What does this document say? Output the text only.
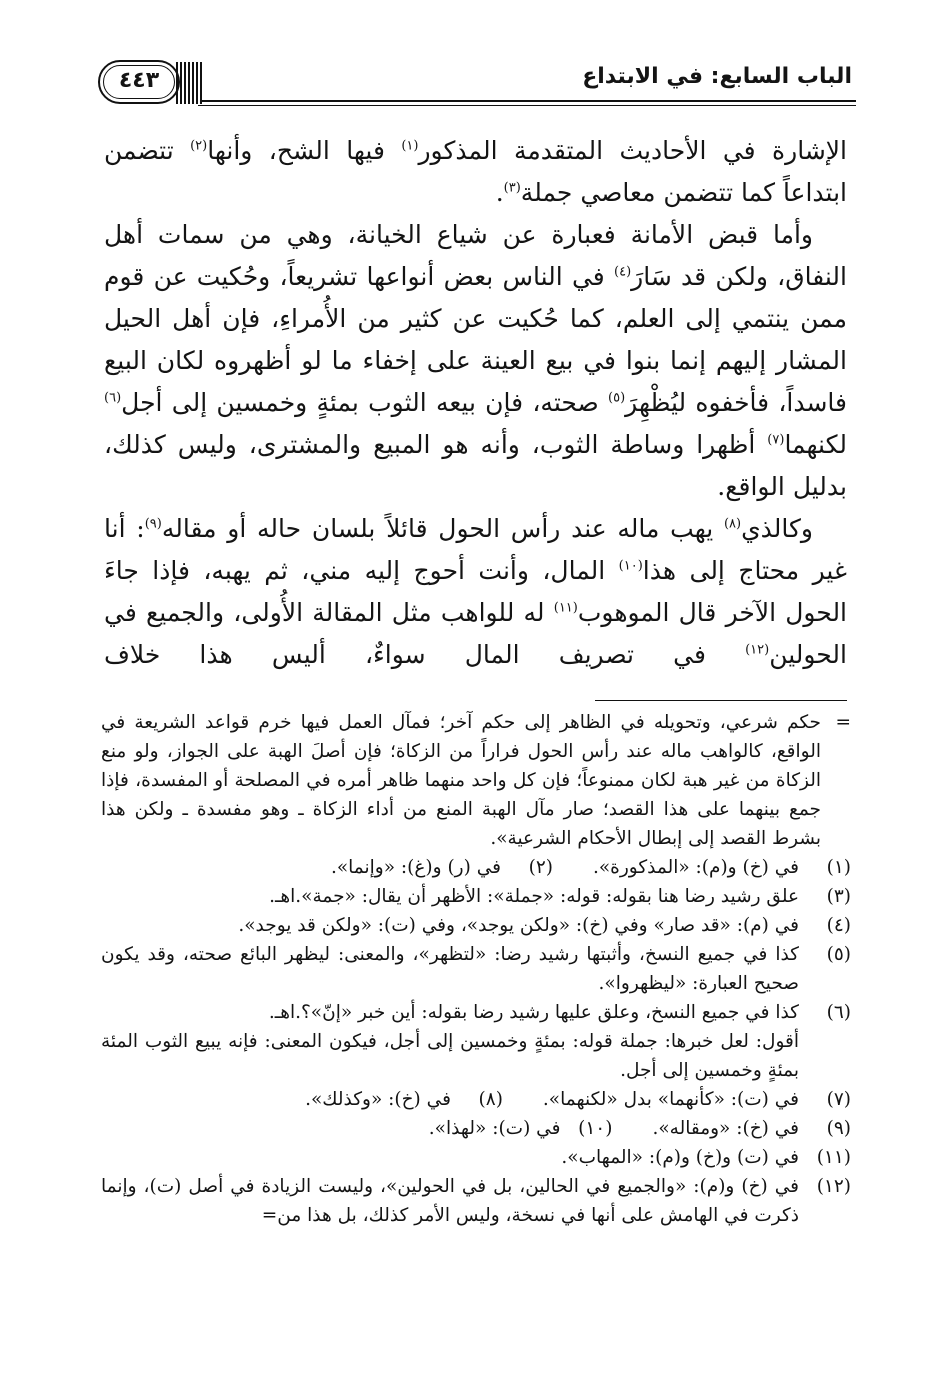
الباب السابع: في الابتداع
٤٤٣

الإشارة في الأحاديث المتقدمة المذكور$^{(١)}$ فيها الشح، وأنها$^{(٢)}$ تتضمن ابتداعاً كما تتضمن معاصي جملة$^{(٣)}$.

وأما قبض الأمانة فعبارة عن شياع الخيانة، وهي من سمات أهل النفاق، ولكن قد سَارَ$^{(٤)}$ في الناس بعض أنواعها تشريعاً، وحُكيت عن قوم ممن ينتمي إلى العلم، كما حُكيت عن كثير من الأُمراءِ، فإن أهل الحيل المشار إليهم إنما بنوا في بيع العينة على إخفاء ما لو أظهروه لكان البيع فاسداً، فأخفوه ليُظْهِرَ$^{(٥)}$ صحته، فإن بيعه الثوب بمئةٍ وخمسين إلى أجل$^{(٦)}$ لكنهما$^{(٧)}$ أظهرا وساطة الثوب، وأنه هو المبيع والمشترى، وليس كذلك، بدليل الواقع.

وكالذي$^{(٨)}$ يهب ماله عند رأس الحول قائلاً بلسان حاله أو مقاله$^{(٩)}$: أنا غير محتاج إلى هذا$^{(١٠)}$ المال، وأنت أحوج إليه مني، ثم يهبه، فإذا جاءَ الحول الآخر قال الموهوب$^{(١١)}$ له للواهب مثل المقالة الأُولى، والجميع في الحولين$^{(١٢)}$ في تصريف المال سواءٌ، أليس هذا خلاف

=
حكم شرعي، وتحويله في الظاهر إلى حكم آخر؛ فمآل العمل فيها خرم قواعد الشريعة في الواقع، كالواهب ماله عند رأس الحول فراراً من الزكاة؛ فإن أصلَ الهبة على الجواز، ولو منع الزكاة من غير هبة لكان ممنوعاً؛ فإن كل واحد منهما ظاهر أمره في المصلحة أو المفسدة، فإذا جمع بينهما على هذا القصد؛ صار مآل الهبة المنع من أداء الزكاة ـ وهو مفسدة ـ ولكن هذا بشرط القصد إلى إبطال الأحكام الشرعية».
(١)
في (خ) و(م): «المذكورة».
(٢)
في (ر) و(غ): «وإنما».
(٣)
علق رشيد رضا هنا بقوله: قوله: «جملة»: الأظهر أن يقال: «جمة».اهـ.
(٤)
في (م): «قد صار» وفي (خ): «ولكن يوجد»، وفي (ت): «ولكن قد يوجد».
(٥)
كذا في جميع النسخ، وأثبتها رشيد رضا: «لتظهر»، والمعنى: ليظهر البائع صحته، وقد يكون صحيح العبارة: «ليظهروا».
(٦)
كذا في جميع النسخ، وعلق عليها رشيد رضا بقوله: أين خبر «إنّ»؟.اهـ.
أقول: لعل خبرها: جملة قوله: بمئةٍ وخمسين إلى أجل، فيكون المعنى: فإنه يبيع الثوب المئة بمئةٍ وخمسين إلى أجل.
(٧)
في (ت): «كأنهما» بدل «لكنهما».
(٨)
في (خ): «وكذلك».
(٩)
في (خ): «ومقاله».
(١٠)
في (ت): «لهذا».
(١١)
في (ت) و(خ) و(م): «المهاب».
(١٢)
في (خ) و(م): «والجميع في الحالين، بل في الحولين»، وليست الزيادة في أصل (ت)، وإنما ذكرت في الهامش على أنها في نسخة، وليس الأمر كذلك، بل هذا من=
